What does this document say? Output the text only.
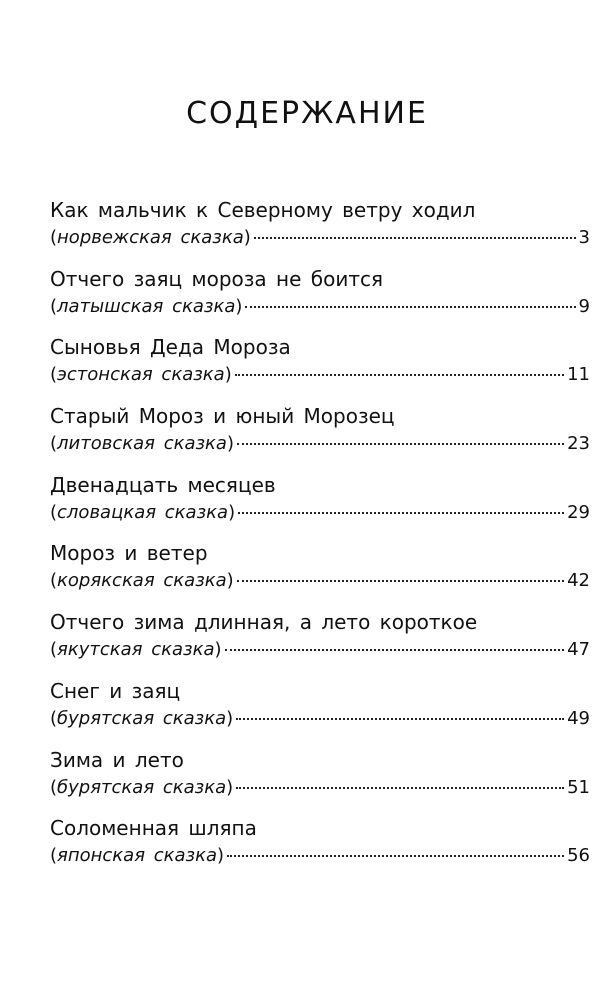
СОДЕРЖАНИЕ
Как мальчик к Северному ветру ходил
( норвежская сказка )	3
Отчего заяц мороза не боится
( латышская сказка )	9
Сыновья Деда Мороза
( эстонская сказка )	11
Старый Мороз и юный Морозец
( литовская сказка )	23
Двенадцать месяцев
( словацкая сказка )	29
Мороз и ветер
( корякская сказка )	42
Отчего зима длинная, а лето короткое
( якутская сказка )	47
Снег и заяц
( бурятская сказка )	49
Зима и лето
( бурятская сказка )	51
Соломенная шляпа
( японская сказка )	56
